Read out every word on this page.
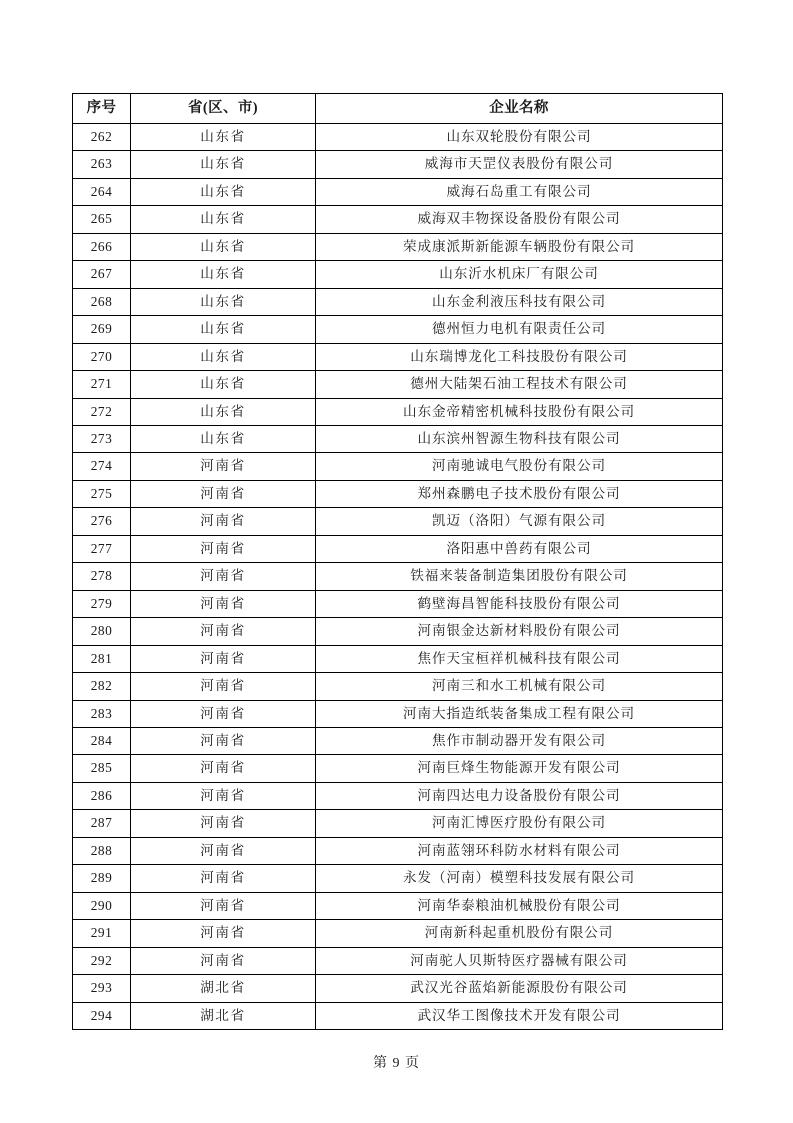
序号	省(区、市)	企业名称
262	山东省	山东双轮股份有限公司
263	山东省	威海市天罡仪表股份有限公司
264	山东省	威海石岛重工有限公司
265	山东省	威海双丰物探设备股份有限公司
266	山东省	荣成康派斯新能源车辆股份有限公司
267	山东省	山东沂水机床厂有限公司
268	山东省	山东金利液压科技有限公司
269	山东省	德州恒力电机有限责任公司
270	山东省	山东瑞博龙化工科技股份有限公司
271	山东省	德州大陆架石油工程技术有限公司
272	山东省	山东金帝精密机械科技股份有限公司
273	山东省	山东滨州智源生物科技有限公司
274	河南省	河南驰诚电气股份有限公司
275	河南省	郑州森鹏电子技术股份有限公司
276	河南省	凯迈（洛阳）气源有限公司
277	河南省	洛阳惠中兽药有限公司
278	河南省	铁福来装备制造集团股份有限公司
279	河南省	鹤壁海昌智能科技股份有限公司
280	河南省	河南银金达新材料股份有限公司
281	河南省	焦作天宝桓祥机械科技有限公司
282	河南省	河南三和水工机械有限公司
283	河南省	河南大指造纸装备集成工程有限公司
284	河南省	焦作市制动器开发有限公司
285	河南省	河南巨烽生物能源开发有限公司
286	河南省	河南四达电力设备股份有限公司
287	河南省	河南汇博医疗股份有限公司
288	河南省	河南蓝翎环科防水材料有限公司
289	河南省	永发（河南）模塑科技发展有限公司
290	河南省	河南华泰粮油机械股份有限公司
291	河南省	河南新科起重机股份有限公司
292	河南省	河南驼人贝斯特医疗器械有限公司
293	湖北省	武汉光谷蓝焰新能源股份有限公司
294	湖北省	武汉华工图像技术开发有限公司
第 9 页
